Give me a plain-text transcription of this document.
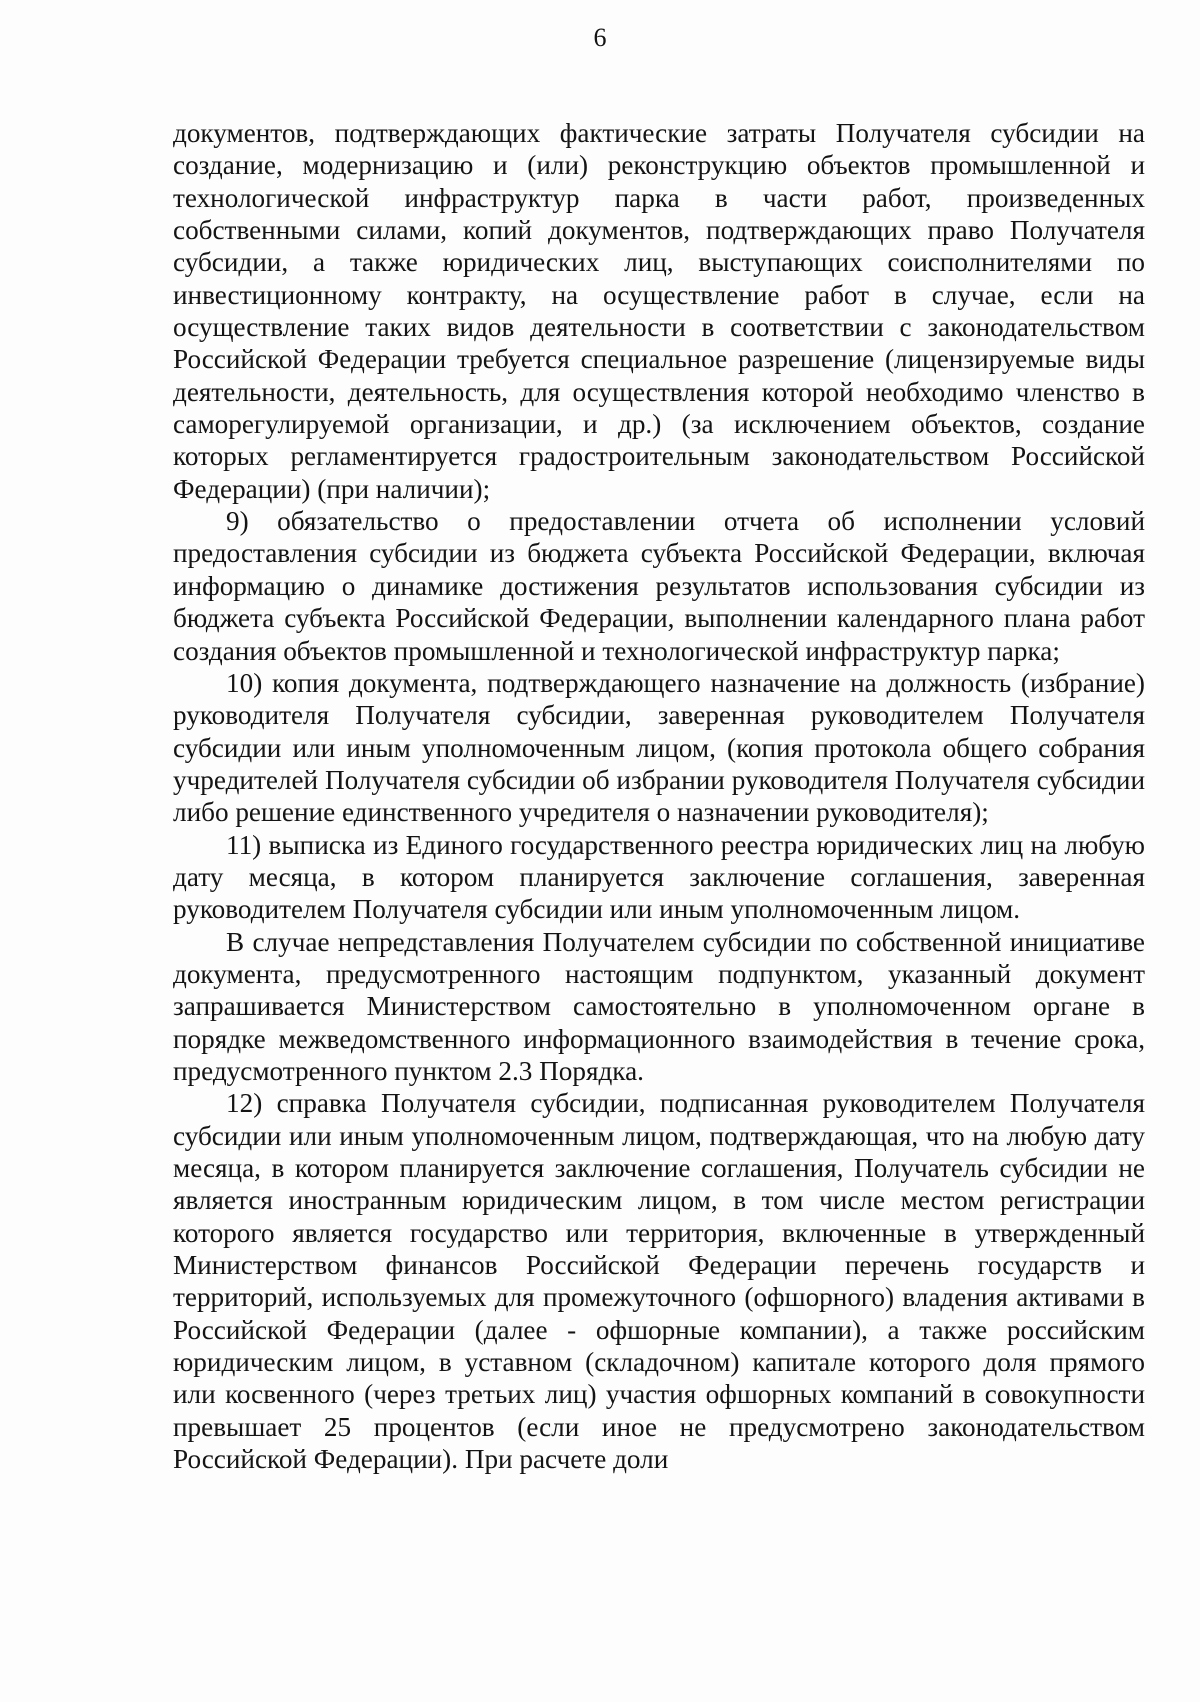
6

документов, подтверждающих фактические затраты Получателя субсидии на создание, модернизацию и (или) реконструкцию объектов промышленной и технологической инфраструктур парка в части работ, произведенных собственными силами, копий документов, подтверждающих право Получателя субсидии, а также юридических лиц, выступающих соисполнителями по инвестиционному контракту, на осуществление работ в случае, если на осуществление таких видов деятельности в соответствии с законодательством Российской Федерации требуется специальное разрешение (лицензируемые виды деятельности, деятельность, для осуществления которой необходимо членство в саморегулируемой организации, и др.) (за исключением объектов, создание которых регламентируется градостроительным законодательством Российской Федерации) (при наличии);

9) обязательство о предоставлении отчета об исполнении условий предоставления субсидии из бюджета субъекта Российской Федерации, включая информацию о динамике достижения результатов использования субсидии из бюджета субъекта Российской Федерации, выполнении календарного плана работ создания объектов промышленной и технологической инфраструктур парка;

10) копия документа, подтверждающего назначение на должность (избрание) руководителя Получателя субсидии, заверенная руководителем Получателя субсидии или иным уполномоченным лицом, (копия протокола общего собрания учредителей Получателя субсидии об избрании руководителя Получателя субсидии либо решение единственного учредителя о назначении руководителя);

11) выписка из Единого государственного реестра юридических лиц на любую дату месяца, в котором планируется заключение соглашения, заверенная руководителем Получателя субсидии или иным уполномоченным лицом.

В случае непредставления Получателем субсидии по собственной инициативе документа, предусмотренного настоящим подпунктом, указанный документ запрашивается Министерством самостоятельно в уполномоченном органе в порядке межведомственного информационного взаимодействия в течение срока, предусмотренного пунктом 2.3 Порядка.

12) справка Получателя субсидии, подписанная руководителем Получателя субсидии или иным уполномоченным лицом, подтверждающая, что на любую дату месяца, в котором планируется заключение соглашения, Получатель субсидии не является иностранным юридическим лицом, в том числе местом регистрации которого является государство или территория, включенные в утвержденный Министерством финансов Российской Федерации перечень государств и территорий, используемых для промежуточного (офшорного) владения активами в Российской Федерации (далее - офшорные компании), а также российским юридическим лицом, в уставном (складочном) капитале которого доля прямого или косвенного (через третьих лиц) участия офшорных компаний в совокупности превышает 25 процентов (если иное не предусмотрено законодательством Российской Федерации). При расчете доли
